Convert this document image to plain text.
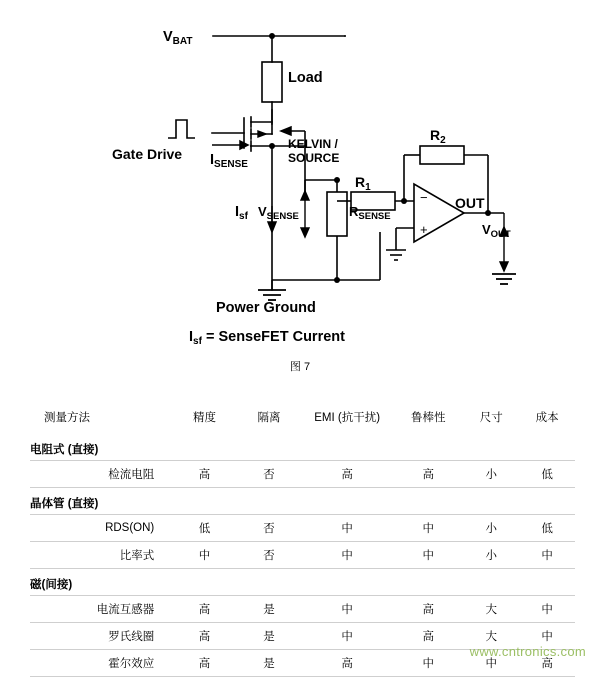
$V_{BAT}$
Load
Gate Drive $I_{SENSE}$
KELVIN /
SOURCE
$I_{sf}$ $V_{SENSE}$	$R_{SENSE}$
$R_1$
$R_2$
−
+
OUT
$V_{OUT}$
Power Ground
$I_{sf}$ = SenseFET Current
图 7
测量方法	精度	隔离	EMI (抗干扰)	鲁棒性	尺寸	成本
电阻式 (直接)						
检流电阻	高	否	高	高	小	低
晶体管 (直接)						
RDS(ON)	低	否	中	中	小	低
比率式	中	否	中	中	小	中
磁(间接)						
电流互感器	高	是	中	高	大	中
罗氏线圈	高	是	中	高	大	中
霍尔效应	高	是	高	中	中	高
www.cntronics.com
